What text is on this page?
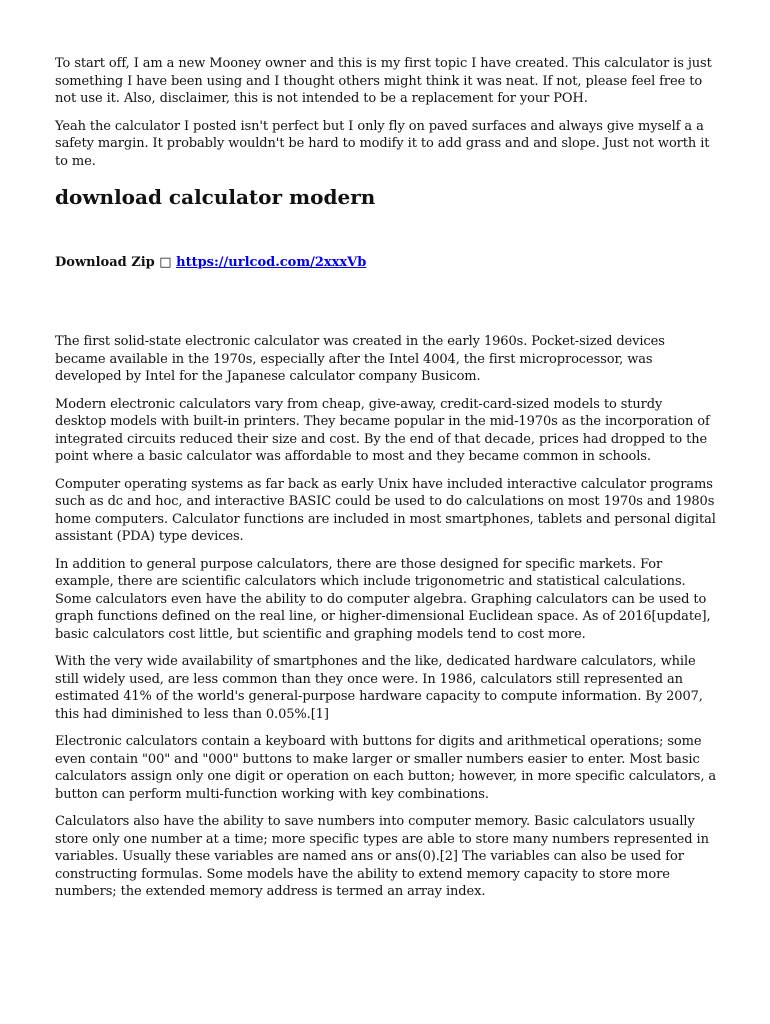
To start off, I am a new Mooney owner and this is my first topic I have created. This calculator is just something I have been using and I thought others might think it was neat. If not, please feel free to not use it. Also, disclaimer, this is not intended to be a replacement for your POH.

Yeah the calculator I posted isn't perfect but I only fly on paved surfaces and always give myself a a safety margin. It probably wouldn't be hard to modify it to add grass and and slope. Just not worth it to me.

download calculator modern
Download Zip □ https://urlcod.com/2xxxVb

The first solid-state electronic calculator was created in the early 1960s. Pocket-sized devices became available in the 1970s, especially after the Intel 4004, the first microprocessor, was developed by Intel for the Japanese calculator company Busicom.

Modern electronic calculators vary from cheap, give-away, credit-card-sized models to sturdy desktop models with built-in printers. They became popular in the mid-1970s as the incorporation of integrated circuits reduced their size and cost. By the end of that decade, prices had dropped to the point where a basic calculator was affordable to most and they became common in schools.

Computer operating systems as far back as early Unix have included interactive calculator programs such as dc and hoc, and interactive BASIC could be used to do calculations on most 1970s and 1980s home computers. Calculator functions are included in most smartphones, tablets and personal digital assistant (PDA) type devices.

In addition to general purpose calculators, there are those designed for specific markets. For example, there are scientific calculators which include trigonometric and statistical calculations. Some calculators even have the ability to do computer algebra. Graphing calculators can be used to graph functions defined on the real line, or higher-dimensional Euclidean space. As of 2016[update], basic calculators cost little, but scientific and graphing models tend to cost more.

With the very wide availability of smartphones and the like, dedicated hardware calculators, while still widely used, are less common than they once were. In 1986, calculators still represented an estimated 41% of the world's general-purpose hardware capacity to compute information. By 2007, this had diminished to less than 0.05%.[1]

Electronic calculators contain a keyboard with buttons for digits and arithmetical operations; some even contain "00" and "000" buttons to make larger or smaller numbers easier to enter. Most basic calculators assign only one digit or operation on each button; however, in more specific calculators, a button can perform multi-function working with key combinations.

Calculators also have the ability to save numbers into computer memory. Basic calculators usually store only one number at a time; more specific types are able to store many numbers represented in variables. Usually these variables are named ans or ans(0).[2] The variables can also be used for constructing formulas. Some models have the ability to extend memory capacity to store more numbers; the extended memory address is termed an array index.
